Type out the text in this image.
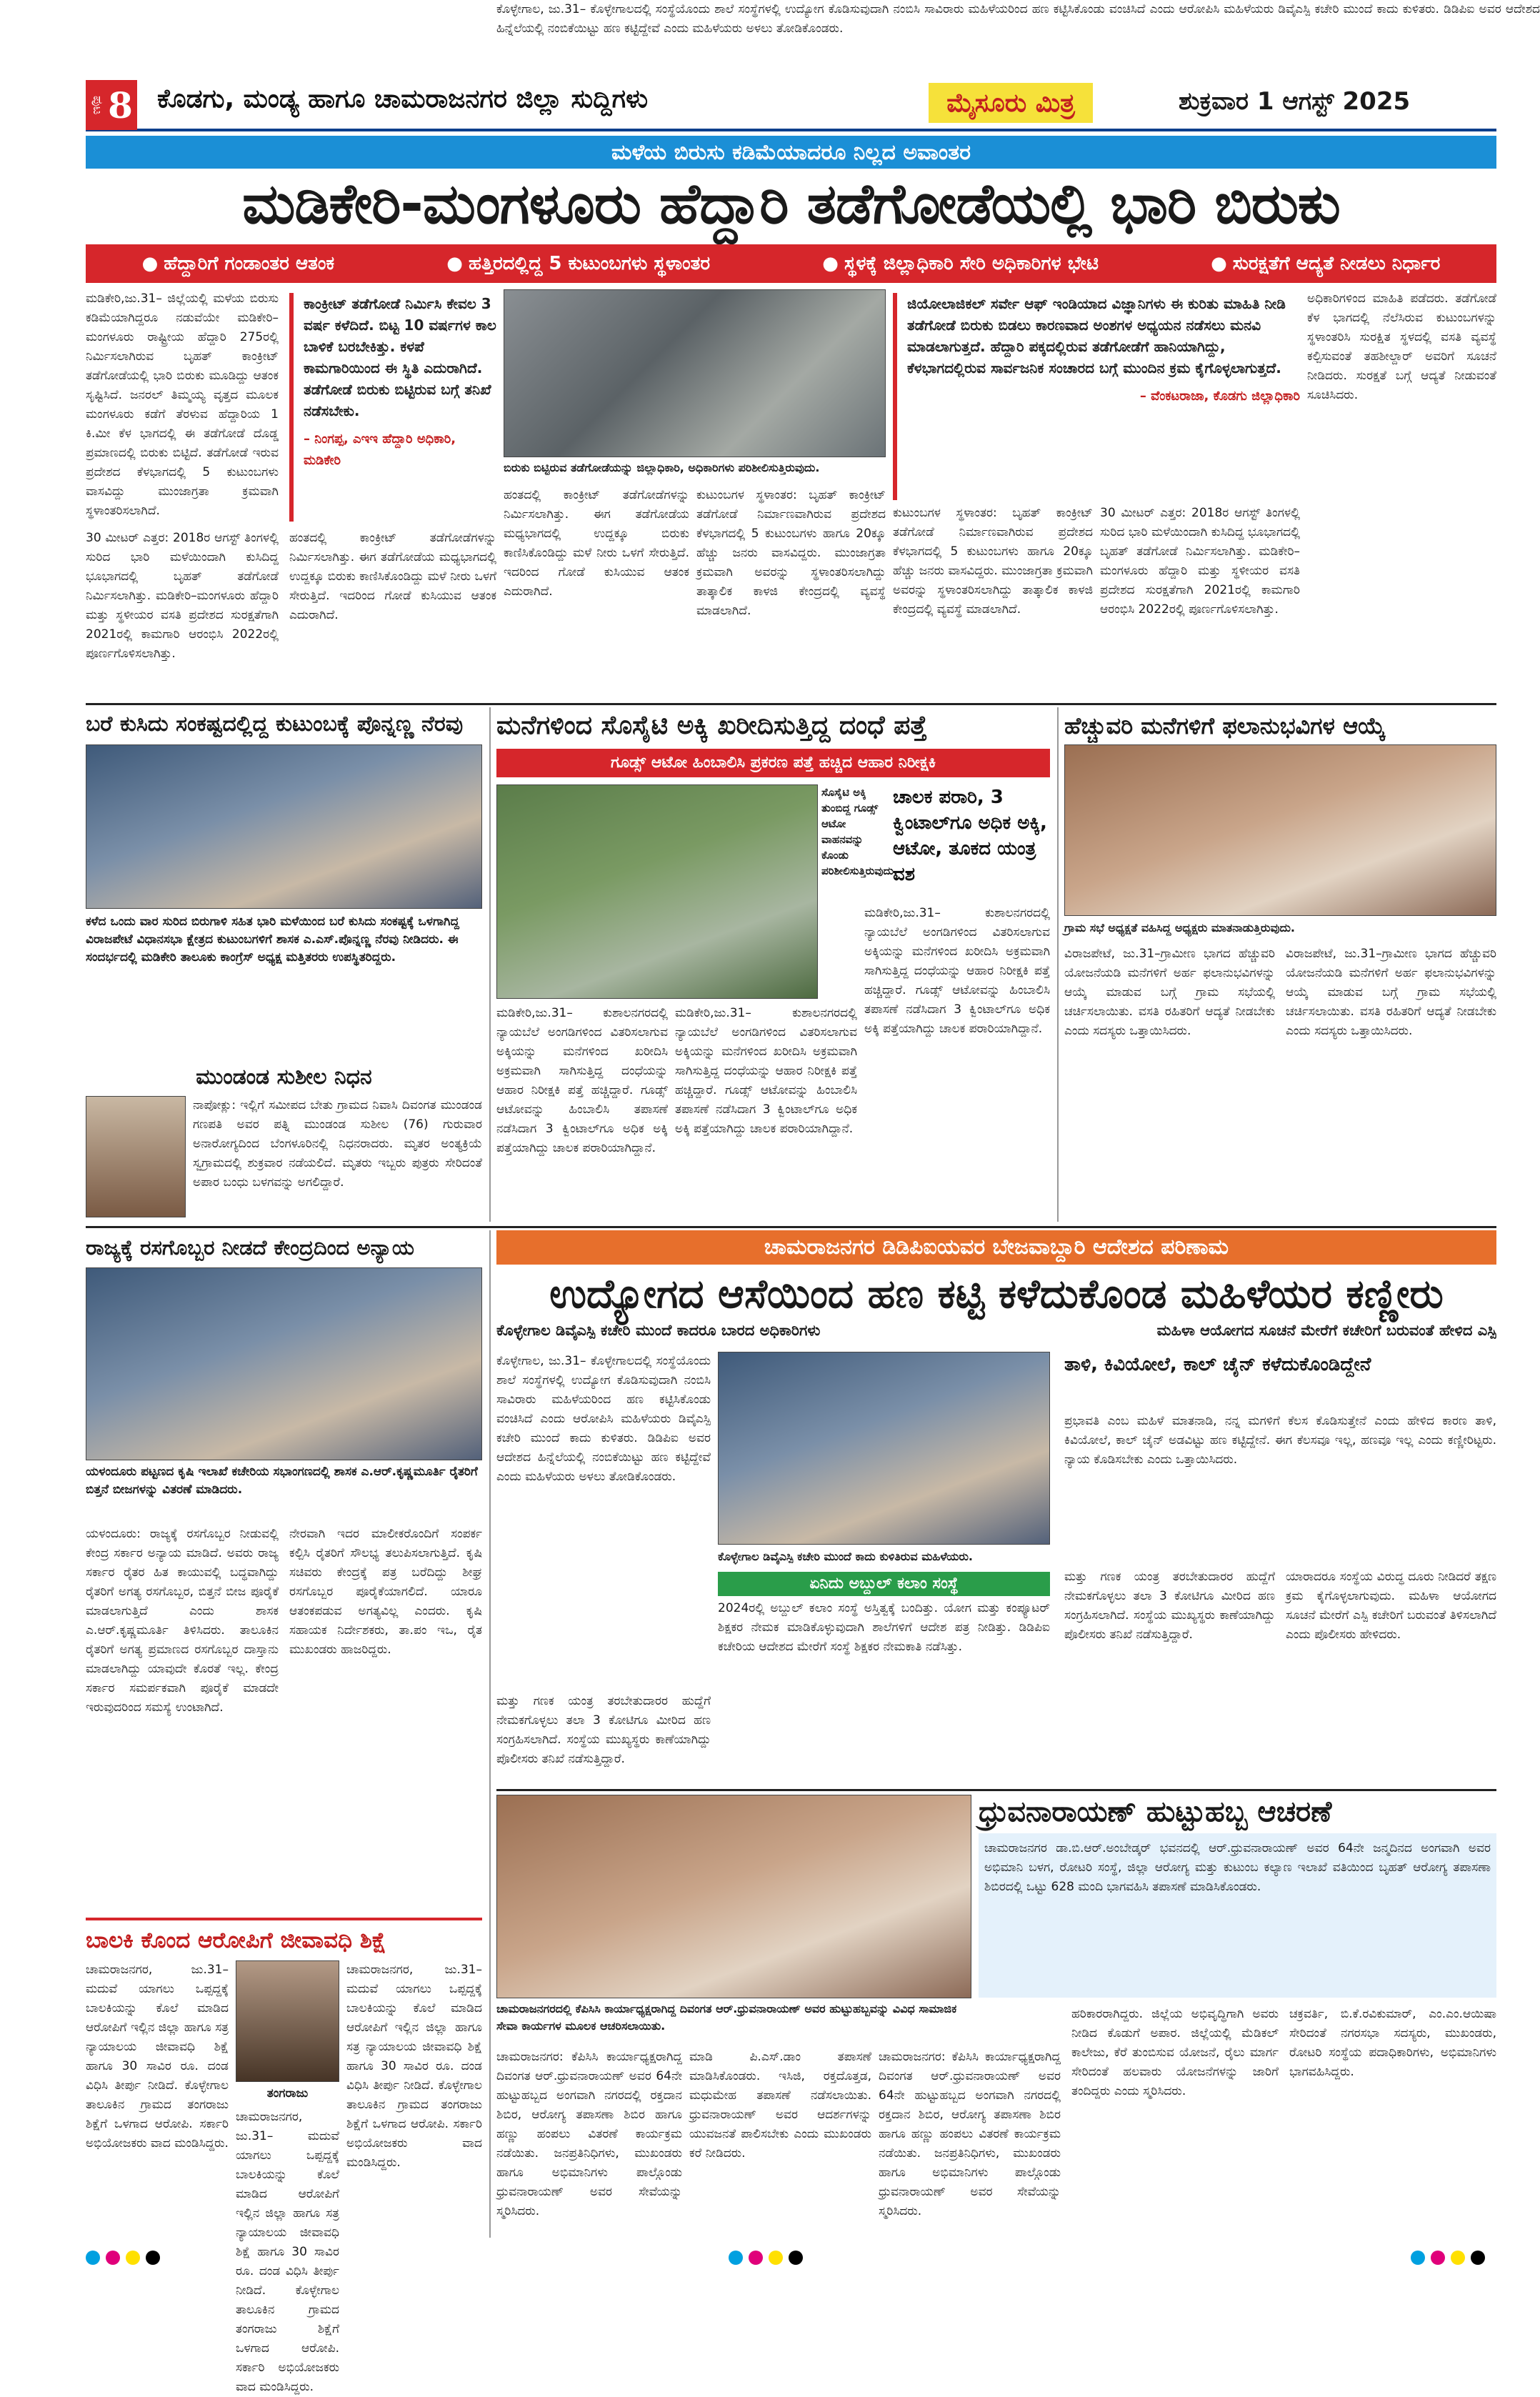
ಪುಟ 8 ಕೊಡಗು, ಮಂಡ್ಯ ಹಾಗೂ ಚಾಮರಾಜನಗರ ಜಿಲ್ಲಾ ಸುದ್ದಿಗಳು	ಮೈಸೂರು ಮಿತ್ರ	ಶುಕ್ರವಾರ 1 ಆಗಸ್ಟ್ 2025
ಮಳೆಯ ಬಿರುಸು ಕಡಿಮೆಯಾದರೂ ನಿಲ್ಲದ ಅವಾಂತರ
ಮಡಿಕೇರಿ-ಮಂಗಳೂರು ಹೆದ್ದಾರಿ ತಡೆಗೋಡೆಯಲ್ಲಿ ಭಾರಿ ಬಿರುಕು
● ಹೆದ್ದಾರಿಗೆ ಗಂಡಾಂತರ ಆತಂಕ	● ಹತ್ತಿರದಲ್ಲಿದ್ದ 5 ಕುಟುಂಬಗಳು ಸ್ಥಳಾಂತರ	● ಸ್ಥಳಕ್ಕೆ ಜಿಲ್ಲಾಧಿಕಾರಿ ಸೇರಿ ಅಧಿಕಾರಿಗಳ ಭೇಟಿ	● ಸುರಕ್ಷತೆಗೆ ಆದ್ಯತೆ ನೀಡಲು ನಿರ್ಧಾರ
ಮಡಿಕೇರಿ,ಜು.31– ಜಿಲ್ಲೆಯಲ್ಲಿ ಮಳೆಯ ಬಿರುಸು ಕಡಿಮೆಯಾಗಿದ್ದರೂ ನಡುವೆಯೇ ಮಡಿಕೇರಿ–ಮಂಗಳೂರು ರಾಷ್ಟ್ರೀಯ ಹೆದ್ದಾರಿ 275ರಲ್ಲಿ ನಿರ್ಮಿಸಲಾಗಿರುವ ಬೃಹತ್ ಕಾಂಕ್ರೀಟ್ ತಡೆಗೋಡೆಯಲ್ಲಿ ಭಾರಿ ಬಿರುಕು ಮೂಡಿದ್ದು ಆತಂಕ ಸೃಷ್ಟಿಸಿದೆ. ಜನರಲ್ ತಿಮ್ಮಯ್ಯ ವೃತ್ತದ ಮೂಲಕ ಮಂಗಳೂರು ಕಡೆಗೆ ತೆರಳುವ ಹೆದ್ದಾರಿಯ 1 ಕಿ.ಮೀ ಕೆಳ ಭಾಗದಲ್ಲಿ ಈ ತಡೆಗೋಡೆ ದೊಡ್ಡ ಪ್ರಮಾಣದಲ್ಲಿ ಬಿರುಕು ಬಿಟ್ಟಿದೆ. ತಡೆಗೋಡೆ ಇರುವ ಪ್ರದೇಶದ ಕೆಳಭಾಗದಲ್ಲಿ 5 ಕುಟುಂಬಗಳು ವಾಸವಿದ್ದು ಮುಂಜಾಗ್ರತಾ ಕ್ರಮವಾಗಿ ಸ್ಥಳಾಂತರಿಸಲಾಗಿದೆ.
30 ಮೀಟರ್ ಎತ್ತರ: 2018ರ ಆಗಸ್ಟ್ ತಿಂಗಳಲ್ಲಿ ಸುರಿದ ಭಾರಿ ಮಳೆಯಿಂದಾಗಿ ಕುಸಿದಿದ್ದ ಭೂಭಾಗದಲ್ಲಿ ಬೃಹತ್ ತಡೆಗೋಡೆ ನಿರ್ಮಿಸಲಾಗಿತ್ತು. ಮಡಿಕೇರಿ–ಮಂಗಳೂರು ಹೆದ್ದಾರಿ ಮತ್ತು ಸ್ಥಳೀಯರ ವಸತಿ ಪ್ರದೇಶದ ಸುರಕ್ಷತೆಗಾಗಿ 2021ರಲ್ಲಿ ಕಾಮಗಾರಿ ಆರಂಭಿಸಿ 2022ರಲ್ಲಿ ಪೂರ್ಣಗೊಳಿಸಲಾಗಿತ್ತು.
ಕಾಂಕ್ರೀಟ್ ತಡೆಗೋಡೆ ನಿರ್ಮಿಸಿ ಕೇವಲ 3 ವರ್ಷ ಕಳೆದಿದೆ. ಬಿಟ್ಟ 10 ವರ್ಷಗಳ ಕಾಲ ಬಾಳಿಕೆ ಬರಬೇಕಿತ್ತು. ಕಳಪೆ ಕಾಮಗಾರಿಯಿಂದ ಈ ಸ್ಥಿತಿ ಎದುರಾಗಿದೆ. ತಡೆಗೋಡೆ ಬಿರುಕು ಬಿಟ್ಟಿರುವ ಬಗ್ಗೆ ತನಿಖೆ ನಡೆಸಬೇಕು.
– ನಿಂಗಪ್ಪ, ಎಇಇ ಹೆದ್ದಾರಿ ಅಧಿಕಾರಿ, ಮಡಿಕೇರಿ
ಹಂತದಲ್ಲಿ ಕಾಂಕ್ರೀಟ್ ತಡೆಗೋಡೆಗಳನ್ನು ನಿರ್ಮಿಸಲಾಗಿತ್ತು. ಈಗ ತಡೆಗೋಡೆಯ ಮಧ್ಯಭಾಗದಲ್ಲಿ ಉದ್ದಕ್ಕೂ ಬಿರುಕು ಕಾಣಿಸಿಕೊಂಡಿದ್ದು ಮಳೆ ನೀರು ಒಳಗೆ ಸೇರುತ್ತಿದೆ. ಇದರಿಂದ ಗೋಡೆ ಕುಸಿಯುವ ಆತಂಕ ಎದುರಾಗಿದೆ.
ಬಿರುಕು ಬಿಟ್ಟಿರುವ ತಡೆಗೋಡೆಯನ್ನು ಜಿಲ್ಲಾಧಿಕಾರಿ, ಅಧಿಕಾರಿಗಳು ಪರಿಶೀಲಿಸುತ್ತಿರುವುದು.
ಹಂತದಲ್ಲಿ ಕಾಂಕ್ರೀಟ್ ತಡೆಗೋಡೆಗಳನ್ನು ನಿರ್ಮಿಸಲಾಗಿತ್ತು. ಈಗ ತಡೆಗೋಡೆಯ ಮಧ್ಯಭಾಗದಲ್ಲಿ ಉದ್ದಕ್ಕೂ ಬಿರುಕು ಕಾಣಿಸಿಕೊಂಡಿದ್ದು ಮಳೆ ನೀರು ಒಳಗೆ ಸೇರುತ್ತಿದೆ. ಇದರಿಂದ ಗೋಡೆ ಕುಸಿಯುವ ಆತಂಕ ಎದುರಾಗಿದೆ.
ಕುಟುಂಬಗಳ ಸ್ಥಳಾಂತರ: ಬೃಹತ್ ಕಾಂಕ್ರೀಟ್ ತಡೆಗೋಡೆ ನಿರ್ಮಾಣವಾಗಿರುವ ಪ್ರದೇಶದ ಕೆಳಭಾಗದಲ್ಲಿ 5 ಕುಟುಂಬಗಳು ಹಾಗೂ 20ಕ್ಕೂ ಹೆಚ್ಚು ಜನರು ವಾಸವಿದ್ದರು. ಮುಂಜಾಗ್ರತಾ ಕ್ರಮವಾಗಿ ಅವರನ್ನು ಸ್ಥಳಾಂತರಿಸಲಾಗಿದ್ದು ತಾತ್ಕಾಲಿಕ ಕಾಳಜಿ ಕೇಂದ್ರದಲ್ಲಿ ವ್ಯವಸ್ಥೆ ಮಾಡಲಾಗಿದೆ.
ಜಿಯೋಲಾಜಿಕಲ್ ಸರ್ವೇ ಆಫ್ ಇಂಡಿಯಾದ ವಿಜ್ಞಾನಿಗಳು ಈ ಕುರಿತು ಮಾಹಿತಿ ನೀಡಿ ತಡೆಗೋಡೆ ಬಿರುಕು ಬಿಡಲು ಕಾರಣವಾದ ಅಂಶಗಳ ಅಧ್ಯಯನ ನಡೆಸಲು ಮನವಿ ಮಾಡಲಾಗುತ್ತದೆ. ಹೆದ್ದಾರಿ ಪಕ್ಕದಲ್ಲಿರುವ ತಡೆಗೋಡೆಗೆ ಹಾನಿಯಾಗಿದ್ದು, ಕೆಳಭಾಗದಲ್ಲಿರುವ ಸಾರ್ವಜನಿಕ ಸಂಚಾರದ ಬಗ್ಗೆ ಮುಂದಿನ ಕ್ರಮ ಕೈಗೊಳ್ಳಲಾಗುತ್ತದೆ.
– ವೆಂಕಟರಾಜಾ, ಕೊಡಗು ಜಿಲ್ಲಾಧಿಕಾರಿ
ಕುಟುಂಬಗಳ ಸ್ಥಳಾಂತರ: ಬೃಹತ್ ಕಾಂಕ್ರೀಟ್ ತಡೆಗೋಡೆ ನಿರ್ಮಾಣವಾಗಿರುವ ಪ್ರದೇಶದ ಕೆಳಭಾಗದಲ್ಲಿ 5 ಕುಟುಂಬಗಳು ಹಾಗೂ 20ಕ್ಕೂ ಹೆಚ್ಚು ಜನರು ವಾಸವಿದ್ದರು. ಮುಂಜಾಗ್ರತಾ ಕ್ರಮವಾಗಿ ಅವರನ್ನು ಸ್ಥಳಾಂತರಿಸಲಾಗಿದ್ದು ತಾತ್ಕಾಲಿಕ ಕಾಳಜಿ ಕೇಂದ್ರದಲ್ಲಿ ವ್ಯವಸ್ಥೆ ಮಾಡಲಾಗಿದೆ.
30 ಮೀಟರ್ ಎತ್ತರ: 2018ರ ಆಗಸ್ಟ್ ತಿಂಗಳಲ್ಲಿ ಸುರಿದ ಭಾರಿ ಮಳೆಯಿಂದಾಗಿ ಕುಸಿದಿದ್ದ ಭೂಭಾಗದಲ್ಲಿ ಬೃಹತ್ ತಡೆಗೋಡೆ ನಿರ್ಮಿಸಲಾಗಿತ್ತು. ಮಡಿಕೇರಿ–ಮಂಗಳೂರು ಹೆದ್ದಾರಿ ಮತ್ತು ಸ್ಥಳೀಯರ ವಸತಿ ಪ್ರದೇಶದ ಸುರಕ್ಷತೆಗಾಗಿ 2021ರಲ್ಲಿ ಕಾಮಗಾರಿ ಆರಂಭಿಸಿ 2022ರಲ್ಲಿ ಪೂರ್ಣಗೊಳಿಸಲಾಗಿತ್ತು.
ಅಧಿಕಾರಿಗಳಿಂದ ಮಾಹಿತಿ ಪಡೆದರು. ತಡೆಗೋಡೆ ಕೆಳ ಭಾಗದಲ್ಲಿ ನೆಲೆಸಿರುವ ಕುಟುಂಬಗಳನ್ನು ಸ್ಥಳಾಂತರಿಸಿ ಸುರಕ್ಷಿತ ಸ್ಥಳದಲ್ಲಿ ವಸತಿ ವ್ಯವಸ್ಥೆ ಕಲ್ಪಿಸುವಂತೆ ತಹಶೀಲ್ದಾರ್ ಅವರಿಗೆ ಸೂಚನೆ ನೀಡಿದರು. ಸುರಕ್ಷತೆ ಬಗ್ಗೆ ಆದ್ಯತೆ ನೀಡುವಂತೆ ಸೂಚಿಸಿದರು.
ಬರೆ ಕುಸಿದು ಸಂಕಷ್ಟದಲ್ಲಿದ್ದ ಕುಟುಂಬಕ್ಕೆ ಪೊನ್ನಣ್ಣ ನೆರವು
ಕಳೆದ ಒಂದು ವಾರ ಸುರಿದ ಬಿರುಗಾಳಿ ಸಹಿತ ಭಾರಿ ಮಳೆಯಿಂದ ಬರೆ ಕುಸಿದು ಸಂಕಷ್ಟಕ್ಕೆ ಒಳಗಾಗಿದ್ದ ವಿರಾಜಪೇಟೆ ವಿಧಾನಸಭಾ ಕ್ಷೇತ್ರದ ಕುಟುಂಬಗಳಿಗೆ ಶಾಸಕ ಎ.ಎಸ್.ಪೊನ್ನಣ್ಣ ನೆರವು ನೀಡಿದರು. ಈ ಸಂದರ್ಭದಲ್ಲಿ ಮಡಿಕೇರಿ ತಾಲೂಕು ಕಾಂಗ್ರೆಸ್ ಅಧ್ಯಕ್ಷ ಮತ್ತಿತರರು ಉಪಸ್ಥಿತರಿದ್ದರು.
ಮುಂಡಂಡ ಸುಶೀಲ ನಿಧನ
ನಾಪೋಕ್ಲು: ಇಲ್ಲಿಗೆ ಸಮೀಪದ ಬೇತು ಗ್ರಾಮದ ನಿವಾಸಿ ದಿವಂಗತ ಮುಂಡಂಡ ಗಣಪತಿ ಅವರ ಪತ್ನಿ ಮುಂಡಂಡ ಸುಶೀಲ (76) ಗುರುವಾರ ಅನಾರೋಗ್ಯದಿಂದ ಬೆಂಗಳೂರಿನಲ್ಲಿ ನಿಧನರಾದರು. ಮೃತರ ಅಂತ್ಯಕ್ರಿಯೆ ಸ್ವಗ್ರಾಮದಲ್ಲಿ ಶುಕ್ರವಾರ ನಡೆಯಲಿದೆ. ಮೃತರು ಇಬ್ಬರು ಪುತ್ರರು ಸೇರಿದಂತೆ ಅಪಾರ ಬಂಧು ಬಳಗವನ್ನು ಅಗಲಿದ್ದಾರೆ.
ಮನೆಗಳಿಂದ ಸೊಸೈಟಿ ಅಕ್ಕಿ ಖರೀದಿಸುತ್ತಿದ್ದ ದಂಧೆ ಪತ್ತೆ
ಗೂಡ್ಸ್ ಆಟೋ ಹಿಂಬಾಲಿಸಿ ಪ್ರಕರಣ ಪತ್ತೆ ಹಚ್ಚಿದ ಆಹಾರ ನಿರೀಕ್ಷಕಿ
ಸೊಸೈಟಿ ಅಕ್ಕಿ ತುಂಬಿದ್ದ ಗೂಡ್ಸ್ ಆಟೋ ವಾಹನವನ್ನು ಕೊಂಡು ಪರಿಶೀಲಿಸುತ್ತಿರುವುದು.
ಚಾಲಕ ಪರಾರಿ, 3 ಕ್ವಿಂಟಾಲ್‌ಗೂ ಅಧಿಕ ಅಕ್ಕಿ, ಆಟೋ, ತೂಕದ ಯಂತ್ರ ವಶ
ಮಡಿಕೇರಿ,ಜು.31– ಕುಶಾಲನಗರದಲ್ಲಿ ನ್ಯಾಯಬೆಲೆ ಅಂಗಡಿಗಳಿಂದ ವಿತರಿಸಲಾಗುವ ಅಕ್ಕಿಯನ್ನು ಮನೆಗಳಿಂದ ಖರೀದಿಸಿ ಅಕ್ರಮವಾಗಿ ಸಾಗಿಸುತ್ತಿದ್ದ ದಂಧೆಯನ್ನು ಆಹಾರ ನಿರೀಕ್ಷಕಿ ಪತ್ತೆ ಹಚ್ಚಿದ್ದಾರೆ. ಗೂಡ್ಸ್ ಆಟೋವನ್ನು ಹಿಂಬಾಲಿಸಿ ತಪಾಸಣೆ ನಡೆಸಿದಾಗ 3 ಕ್ವಿಂಟಾಲ್‌ಗೂ ಅಧಿಕ ಅಕ್ಕಿ ಪತ್ತೆಯಾಗಿದ್ದು ಚಾಲಕ ಪರಾರಿಯಾಗಿದ್ದಾನೆ.
ಮಡಿಕೇರಿ,ಜು.31– ಕುಶಾಲನಗರದಲ್ಲಿ ನ್ಯಾಯಬೆಲೆ ಅಂಗಡಿಗಳಿಂದ ವಿತರಿಸಲಾಗುವ ಅಕ್ಕಿಯನ್ನು ಮನೆಗಳಿಂದ ಖರೀದಿಸಿ ಅಕ್ರಮವಾಗಿ ಸಾಗಿಸುತ್ತಿದ್ದ ದಂಧೆಯನ್ನು ಆಹಾರ ನಿರೀಕ್ಷಕಿ ಪತ್ತೆ ಹಚ್ಚಿದ್ದಾರೆ. ಗೂಡ್ಸ್ ಆಟೋವನ್ನು ಹಿಂಬಾಲಿಸಿ ತಪಾಸಣೆ ನಡೆಸಿದಾಗ 3 ಕ್ವಿಂಟಾಲ್‌ಗೂ ಅಧಿಕ ಅಕ್ಕಿ ಪತ್ತೆಯಾಗಿದ್ದು ಚಾಲಕ ಪರಾರಿಯಾಗಿದ್ದಾನೆ.
ಮಡಿಕೇರಿ,ಜು.31– ಕುಶಾಲನಗರದಲ್ಲಿ ನ್ಯಾಯಬೆಲೆ ಅಂಗಡಿಗಳಿಂದ ವಿತರಿಸಲಾಗುವ ಅಕ್ಕಿಯನ್ನು ಮನೆಗಳಿಂದ ಖರೀದಿಸಿ ಅಕ್ರಮವಾಗಿ ಸಾಗಿಸುತ್ತಿದ್ದ ದಂಧೆಯನ್ನು ಆಹಾರ ನಿರೀಕ್ಷಕಿ ಪತ್ತೆ ಹಚ್ಚಿದ್ದಾರೆ. ಗೂಡ್ಸ್ ಆಟೋವನ್ನು ಹಿಂಬಾಲಿಸಿ ತಪಾಸಣೆ ನಡೆಸಿದಾಗ 3 ಕ್ವಿಂಟಾಲ್‌ಗೂ ಅಧಿಕ ಅಕ್ಕಿ ಪತ್ತೆಯಾಗಿದ್ದು ಚಾಲಕ ಪರಾರಿಯಾಗಿದ್ದಾನೆ.
ಹೆಚ್ಚುವರಿ ಮನೆಗಳಿಗೆ ಫಲಾನುಭವಿಗಳ ಆಯ್ಕೆ
ಗ್ರಾಮ ಸಭೆ ಅಧ್ಯಕ್ಷತೆ ವಹಿಸಿದ್ದ ಅಧ್ಯಕ್ಷರು ಮಾತನಾಡುತ್ತಿರುವುದು.
ವಿರಾಜಪೇಟೆ, ಜು.31–ಗ್ರಾಮೀಣ ಭಾಗದ ಹೆಚ್ಚುವರಿ ಯೋಜನೆಯಡಿ ಮನೆಗಳಿಗೆ ಅರ್ಹ ಫಲಾನುಭವಿಗಳನ್ನು ಆಯ್ಕೆ ಮಾಡುವ ಬಗ್ಗೆ ಗ್ರಾಮ ಸಭೆಯಲ್ಲಿ ಚರ್ಚಿಸಲಾಯಿತು. ವಸತಿ ರಹಿತರಿಗೆ ಆದ್ಯತೆ ನೀಡಬೇಕು ಎಂದು ಸದಸ್ಯರು ಒತ್ತಾಯಿಸಿದರು.
ವಿರಾಜಪೇಟೆ, ಜು.31–ಗ್ರಾಮೀಣ ಭಾಗದ ಹೆಚ್ಚುವರಿ ಯೋಜನೆಯಡಿ ಮನೆಗಳಿಗೆ ಅರ್ಹ ಫಲಾನುಭವಿಗಳನ್ನು ಆಯ್ಕೆ ಮಾಡುವ ಬಗ್ಗೆ ಗ್ರಾಮ ಸಭೆಯಲ್ಲಿ ಚರ್ಚಿಸಲಾಯಿತು. ವಸತಿ ರಹಿತರಿಗೆ ಆದ್ಯತೆ ನೀಡಬೇಕು ಎಂದು ಸದಸ್ಯರು ಒತ್ತಾಯಿಸಿದರು.
ರಾಜ್ಯಕ್ಕೆ ರಸಗೊಬ್ಬರ ನೀಡದೆ ಕೇಂದ್ರದಿಂದ ಅನ್ಯಾಯ
ಯಳಂದೂರು ಪಟ್ಟಣದ ಕೃಷಿ ಇಲಾಖೆ ಕಚೇರಿಯ ಸಭಾಂಗಣದಲ್ಲಿ ಶಾಸಕ ಎ.ಆರ್.ಕೃಷ್ಣಮೂರ್ತಿ ರೈತರಿಗೆ ಬಿತ್ತನೆ ಬೀಜಗಳನ್ನು ವಿತರಣೆ ಮಾಡಿದರು.
ಯಳಂದೂರು: ರಾಜ್ಯಕ್ಕೆ ರಸಗೊಬ್ಬರ ನೀಡುವಲ್ಲಿ ಕೇಂದ್ರ ಸರ್ಕಾರ ಅನ್ಯಾಯ ಮಾಡಿದೆ. ಅವರು ರಾಜ್ಯ ಸರ್ಕಾರ ರೈತರ ಹಿತ ಕಾಯುವಲ್ಲಿ ಬದ್ಧವಾಗಿದ್ದು ರೈತರಿಗೆ ಅಗತ್ಯ ರಸಗೊಬ್ಬರ, ಬಿತ್ತನೆ ಬೀಜ ಪೂರೈಕೆ ಮಾಡಲಾಗುತ್ತಿದೆ ಎಂದು ಶಾಸಕ ಎ.ಆರ್.ಕೃಷ್ಣಮೂರ್ತಿ ತಿಳಿಸಿದರು. ತಾಲೂಕಿನ ರೈತರಿಗೆ ಅಗತ್ಯ ಪ್ರಮಾಣದ ರಸಗೊಬ್ಬರ ದಾಸ್ತಾನು ಮಾಡಲಾಗಿದ್ದು ಯಾವುದೇ ಕೊರತೆ ಇಲ್ಲ. ಕೇಂದ್ರ ಸರ್ಕಾರ ಸಮರ್ಪಕವಾಗಿ ಪೂರೈಕೆ ಮಾಡದೇ ಇರುವುದರಿಂದ ಸಮಸ್ಯೆ ಉಂಟಾಗಿದೆ.
ನೇರವಾಗಿ ಇದರ ಮಾಲೀಕರೊಂದಿಗೆ ಸಂಪರ್ಕ ಕಲ್ಪಿಸಿ ರೈತರಿಗೆ ಸೌಲಭ್ಯ ತಲುಪಿಸಲಾಗುತ್ತಿದೆ. ಕೃಷಿ ಸಚಿವರು ಕೇಂದ್ರಕ್ಕೆ ಪತ್ರ ಬರೆದಿದ್ದು ಶೀಘ್ರ ರಸಗೊಬ್ಬರ ಪೂರೈಕೆಯಾಗಲಿದೆ. ಯಾರೂ ಆತಂಕಪಡುವ ಅಗತ್ಯವಿಲ್ಲ ಎಂದರು. ಕೃಷಿ ಸಹಾಯಕ ನಿರ್ದೇಶಕರು, ತಾ.ಪಂ ಇಒ, ರೈತ ಮುಖಂಡರು ಹಾಜರಿದ್ದರು.
ಬಾಲಕಿ ಕೊಂದ ಆರೋಪಿಗೆ ಜೀವಾವಧಿ ಶಿಕ್ಷೆ
ಚಾಮರಾಜನಗರ, ಜು.31– ಮದುವೆ ಯಾಗಲು ಒಪ್ಪದ್ದಕ್ಕೆ ಬಾಲಕಿಯನ್ನು ಕೊಲೆ ಮಾಡಿದ ಆರೋಪಿಗೆ ಇಲ್ಲಿನ ಜಿಲ್ಲಾ ಹಾಗೂ ಸತ್ರ ನ್ಯಾಯಾಲಯ ಜೀವಾವಧಿ ಶಿಕ್ಷೆ ಹಾಗೂ 30 ಸಾವಿರ ರೂ. ದಂಡ ವಿಧಿಸಿ ತೀರ್ಪು ನೀಡಿದೆ. ಕೊಳ್ಳೇಗಾಲ ತಾಲೂಕಿನ ಗ್ರಾಮದ ತಂಗರಾಜು ಶಿಕ್ಷೆಗೆ ಒಳಗಾದ ಆರೋಪಿ. ಸರ್ಕಾರಿ ಅಭಿಯೋಜಕರು ವಾದ ಮಂಡಿಸಿದ್ದರು.
ತಂಗರಾಜು
ಚಾಮರಾಜನಗರ, ಜು.31– ಮದುವೆ ಯಾಗಲು ಒಪ್ಪದ್ದಕ್ಕೆ ಬಾಲಕಿಯನ್ನು ಕೊಲೆ ಮಾಡಿದ ಆರೋಪಿಗೆ ಇಲ್ಲಿನ ಜಿಲ್ಲಾ ಹಾಗೂ ಸತ್ರ ನ್ಯಾಯಾಲಯ ಜೀವಾವಧಿ ಶಿಕ್ಷೆ ಹಾಗೂ 30 ಸಾವಿರ ರೂ. ದಂಡ ವಿಧಿಸಿ ತೀರ್ಪು ನೀಡಿದೆ. ಕೊಳ್ಳೇಗಾಲ ತಾಲೂಕಿನ ಗ್ರಾಮದ ತಂಗರಾಜು ಶಿಕ್ಷೆಗೆ ಒಳಗಾದ ಆರೋಪಿ. ಸರ್ಕಾರಿ ಅಭಿಯೋಜಕರು ವಾದ ಮಂಡಿಸಿದ್ದರು.
ಚಾಮರಾಜನಗರ, ಜು.31– ಮದುವೆ ಯಾಗಲು ಒಪ್ಪದ್ದಕ್ಕೆ ಬಾಲಕಿಯನ್ನು ಕೊಲೆ ಮಾಡಿದ ಆರೋಪಿಗೆ ಇಲ್ಲಿನ ಜಿಲ್ಲಾ ಹಾಗೂ ಸತ್ರ ನ್ಯಾಯಾಲಯ ಜೀವಾವಧಿ ಶಿಕ್ಷೆ ಹಾಗೂ 30 ಸಾವಿರ ರೂ. ದಂಡ ವಿಧಿಸಿ ತೀರ್ಪು ನೀಡಿದೆ. ಕೊಳ್ಳೇಗಾಲ ತಾಲೂಕಿನ ಗ್ರಾಮದ ತಂಗರಾಜು ಶಿಕ್ಷೆಗೆ ಒಳಗಾದ ಆರೋಪಿ. ಸರ್ಕಾರಿ ಅಭಿಯೋಜಕರು ವಾದ ಮಂಡಿಸಿದ್ದರು.
ಚಾಮರಾಜನಗರ ಡಿಡಿಪಿಐಯವರ ಬೇಜವಾಬ್ದಾರಿ ಆದೇಶದ ಪರಿಣಾಮ
ಉದ್ಯೋಗದ ಆಸೆಯಿಂದ ಹಣ ಕಟ್ಟಿ ಕಳೆದುಕೊಂಡ ಮಹಿಳೆಯರ ಕಣ್ಣೀರು
ಕೊಳ್ಳೇಗಾಲ ಡಿವೈಎಸ್ಪಿ ಕಚೇರಿ ಮುಂದೆ ಕಾದರೂ ಬಾರದ ಅಧಿಕಾರಿಗಳು	ಮಹಿಳಾ ಆಯೋಗದ ಸೂಚನೆ ಮೇರೆಗೆ ಕಚೇರಿಗೆ ಬರುವಂತೆ ಹೇಳಿದ ಎಸ್ಪಿ
ಕೊಳ್ಳೇಗಾಲ, ಜು.31– ಕೊಳ್ಳೇಗಾಲದಲ್ಲಿ ಸಂಸ್ಥೆಯೊಂದು ಶಾಲೆ ಸಂಸ್ಥೆಗಳಲ್ಲಿ ಉದ್ಯೋಗ ಕೊಡಿಸುವುದಾಗಿ ನಂಬಿಸಿ ಸಾವಿರಾರು ಮಹಿಳೆಯರಿಂದ ಹಣ ಕಟ್ಟಿಸಿಕೊಂಡು ವಂಚಿಸಿದೆ ಎಂದು ಆರೋಪಿಸಿ ಮಹಿಳೆಯರು ಡಿವೈಎಸ್ಪಿ ಕಚೇರಿ ಮುಂದೆ ಕಾದು ಕುಳಿತರು. ಡಿಡಿಪಿಐ ಅವರ ಆದೇಶದ ಹಿನ್ನೆಲೆಯಲ್ಲಿ ನಂಬಿಕೆಯಿಟ್ಟು ಹಣ ಕಟ್ಟಿದ್ದೇವೆ ಎಂದು ಮಹಿಳೆಯರು ಅಳಲು ತೋಡಿಕೊಂಡರು.
ಕೊಳ್ಳೇಗಾಲ, ಜು.31– ಕೊಳ್ಳೇಗಾಲದಲ್ಲಿ ಸಂಸ್ಥೆಯೊಂದು ಶಾಲೆ ಸಂಸ್ಥೆಗಳಲ್ಲಿ ಉದ್ಯೋಗ ಕೊಡಿಸುವುದಾಗಿ ನಂಬಿಸಿ ಸಾವಿರಾರು ಮಹಿಳೆಯರಿಂದ ಹಣ ಕಟ್ಟಿಸಿಕೊಂಡು ವಂಚಿಸಿದೆ ಎಂದು ಆರೋಪಿಸಿ ಮಹಿಳೆಯರು ಡಿವೈಎಸ್ಪಿ ಕಚೇರಿ ಮುಂದೆ ಕಾದು ಕುಳಿತರು. ಡಿಡಿಪಿಐ ಅವರ ಆದೇಶದ ಹಿನ್ನೆಲೆಯಲ್ಲಿ ನಂಬಿಕೆಯಿಟ್ಟು ಹಣ ಕಟ್ಟಿದ್ದೇವೆ ಎಂದು ಮಹಿಳೆಯರು ಅಳಲು ತೋಡಿಕೊಂಡರು.
ಕೊಳ್ಳೇಗಾಲ ಡಿವೈಎಸ್ಪಿ ಕಚೇರಿ ಮುಂದೆ ಕಾದು ಕುಳಿತಿರುವ ಮಹಿಳೆಯರು.
ಏನಿದು ಅಬ್ದುಲ್ ಕಲಾಂ ಸಂಸ್ಥೆ
2024ರಲ್ಲಿ ಅಬ್ದುಲ್ ಕಲಾಂ ಸಂಸ್ಥೆ ಅಸ್ತಿತ್ವಕ್ಕೆ ಬಂದಿತ್ತು. ಯೋಗ ಮತ್ತು ಕಂಪ್ಯೂಟರ್ ಶಿಕ್ಷಕರ ನೇಮಕ ಮಾಡಿಕೊಳ್ಳುವುದಾಗಿ ಶಾಲೆಗಳಿಗೆ ಆದೇಶ ಪತ್ರ ನೀಡಿತ್ತು. ಡಿಡಿಪಿಐ ಕಚೇರಿಯ ಆದೇಶದ ಮೇರೆಗೆ ಸಂಸ್ಥೆ ಶಿಕ್ಷಕರ ನೇಮಕಾತಿ ನಡೆಸಿತ್ತು.
ಮತ್ತು ಗಣಕ ಯಂತ್ರ ತರಬೇತುದಾರರ ಹುದ್ದೆಗೆ ನೇಮಕಗೊಳ್ಳಲು ತಲಾ 3 ಕೋಟಿಗೂ ಮೀರಿದ ಹಣ ಸಂಗ್ರಹಿಸಲಾಗಿದೆ. ಸಂಸ್ಥೆಯ ಮುಖ್ಯಸ್ಥರು ಕಾಣೆಯಾಗಿದ್ದು ಪೊಲೀಸರು ತನಿಖೆ ನಡೆಸುತ್ತಿದ್ದಾರೆ.
ತಾಳಿ, ಕಿವಿಯೋಲೆ, ಕಾಲ್ ಚೈನ್ ಕಳೆದುಕೊಂಡಿದ್ದೇನೆ
ಪ್ರಭಾವತಿ ಎಂಬ ಮಹಿಳೆ ಮಾತನಾಡಿ, ನನ್ನ ಮಗಳಿಗೆ ಕೆಲಸ ಕೊಡಿಸುತ್ತೇನೆ ಎಂದು ಹೇಳಿದ ಕಾರಣ ತಾಳಿ, ಕಿವಿಯೋಲೆ, ಕಾಲ್ ಚೈನ್ ಅಡವಿಟ್ಟು ಹಣ ಕಟ್ಟಿದ್ದೇನೆ. ಈಗ ಕೆಲಸವೂ ಇಲ್ಲ, ಹಣವೂ ಇಲ್ಲ ಎಂದು ಕಣ್ಣೀರಿಟ್ಟರು. ನ್ಯಾಯ ಕೊಡಿಸಬೇಕು ಎಂದು ಒತ್ತಾಯಿಸಿದರು.
ಮತ್ತು ಗಣಕ ಯಂತ್ರ ತರಬೇತುದಾರರ ಹುದ್ದೆಗೆ ನೇಮಕಗೊಳ್ಳಲು ತಲಾ 3 ಕೋಟಿಗೂ ಮೀರಿದ ಹಣ ಸಂಗ್ರಹಿಸಲಾಗಿದೆ. ಸಂಸ್ಥೆಯ ಮುಖ್ಯಸ್ಥರು ಕಾಣೆಯಾಗಿದ್ದು ಪೊಲೀಸರು ತನಿಖೆ ನಡೆಸುತ್ತಿದ್ದಾರೆ.
ಯಾರಾದರೂ ಸಂಸ್ಥೆಯ ವಿರುದ್ಧ ದೂರು ನೀಡಿದರೆ ತಕ್ಷಣ ಕ್ರಮ ಕೈಗೊಳ್ಳಲಾಗುವುದು. ಮಹಿಳಾ ಆಯೋಗದ ಸೂಚನೆ ಮೇರೆಗೆ ಎಸ್ಪಿ ಕಚೇರಿಗೆ ಬರುವಂತೆ ತಿಳಿಸಲಾಗಿದೆ ಎಂದು ಪೊಲೀಸರು ಹೇಳಿದರು.
ಚಾಮರಾಜನಗರದಲ್ಲಿ ಕೆಪಿಸಿಸಿ ಕಾರ್ಯಾಧ್ಯಕ್ಷರಾಗಿದ್ದ ದಿವಂಗತ ಆರ್.ಧ್ರುವನಾರಾಯಣ್ ಅವರ ಹುಟ್ಟುಹಬ್ಬವನ್ನು ವಿವಿಧ ಸಾಮಾಜಿಕ ಸೇವಾ ಕಾರ್ಯಗಳ ಮೂಲಕ ಆಚರಿಸಲಾಯಿತು.
ಧ್ರುವನಾರಾಯಣ್ ಹುಟ್ಟುಹಬ್ಬ ಆಚರಣೆ
ಚಾಮರಾಜನಗರ ಡಾ.ಬಿ.ಆರ್.ಅಂಬೇಡ್ಕರ್ ಭವನದಲ್ಲಿ ಆರ್.ಧ್ರುವನಾರಾಯಣ್ ಅವರ 64ನೇ ಜನ್ಮದಿನದ ಅಂಗವಾಗಿ ಅವರ ಅಭಿಮಾನಿ ಬಳಗ, ರೋಟರಿ ಸಂಸ್ಥೆ, ಜಿಲ್ಲಾ ಆರೋಗ್ಯ ಮತ್ತು ಕುಟುಂಬ ಕಲ್ಯಾಣ ಇಲಾಖೆ ವತಿಯಿಂದ ಬೃಹತ್ ಆರೋಗ್ಯ ತಪಾಸಣಾ ಶಿಬಿರದಲ್ಲಿ ಒಟ್ಟು 628 ಮಂದಿ ಭಾಗವಹಿಸಿ ತಪಾಸಣೆ ಮಾಡಿಸಿಕೊಂಡರು.
ಚಾಮರಾಜನಗರ: ಕೆಪಿಸಿಸಿ ಕಾರ್ಯಾಧ್ಯಕ್ಷರಾಗಿದ್ದ ದಿವಂಗತ ಆರ್.ಧ್ರುವನಾರಾಯಣ್ ಅವರ 64ನೇ ಹುಟ್ಟುಹಬ್ಬದ ಅಂಗವಾಗಿ ನಗರದಲ್ಲಿ ರಕ್ತದಾನ ಶಿಬಿರ, ಆರೋಗ್ಯ ತಪಾಸಣಾ ಶಿಬಿರ ಹಾಗೂ ಹಣ್ಣು ಹಂಪಲು ವಿತರಣೆ ಕಾರ್ಯಕ್ರಮ ನಡೆಯಿತು. ಜನಪ್ರತಿನಿಧಿಗಳು, ಮುಖಂಡರು ಹಾಗೂ ಅಭಿಮಾನಿಗಳು ಪಾಲ್ಗೊಂಡು ಧ್ರುವನಾರಾಯಣ್ ಅವರ ಸೇವೆಯನ್ನು ಸ್ಮರಿಸಿದರು.
ಮಾಡಿ ಪಿ.ಎಸ್.ಡಾಂ ತಪಾಸಣೆ ಮಾಡಿಸಿಕೊಂಡರು. ಇಸಿಜಿ, ರಕ್ತದೊತ್ತಡ, ಮಧುಮೇಹ ತಪಾಸಣೆ ನಡೆಸಲಾಯಿತು. ಧ್ರುವನಾರಾಯಣ್ ಅವರ ಆದರ್ಶಗಳನ್ನು ಯುವಜನತೆ ಪಾಲಿಸಬೇಕು ಎಂದು ಮುಖಂಡರು ಕರೆ ನೀಡಿದರು.
ಚಾಮರಾಜನಗರ: ಕೆಪಿಸಿಸಿ ಕಾರ್ಯಾಧ್ಯಕ್ಷರಾಗಿದ್ದ ದಿವಂಗತ ಆರ್.ಧ್ರುವನಾರಾಯಣ್ ಅವರ 64ನೇ ಹುಟ್ಟುಹಬ್ಬದ ಅಂಗವಾಗಿ ನಗರದಲ್ಲಿ ರಕ್ತದಾನ ಶಿಬಿರ, ಆರೋಗ್ಯ ತಪಾಸಣಾ ಶಿಬಿರ ಹಾಗೂ ಹಣ್ಣು ಹಂಪಲು ವಿತರಣೆ ಕಾರ್ಯಕ್ರಮ ನಡೆಯಿತು. ಜನಪ್ರತಿನಿಧಿಗಳು, ಮುಖಂಡರು ಹಾಗೂ ಅಭಿಮಾನಿಗಳು ಪಾಲ್ಗೊಂಡು ಧ್ರುವನಾರಾಯಣ್ ಅವರ ಸೇವೆಯನ್ನು ಸ್ಮರಿಸಿದರು.
ಹರಿಕಾರರಾಗಿದ್ದರು. ಜಿಲ್ಲೆಯ ಅಭಿವೃದ್ಧಿಗಾಗಿ ಅವರು ನೀಡಿದ ಕೊಡುಗೆ ಅಪಾರ. ಜಿಲ್ಲೆಯಲ್ಲಿ ಮೆಡಿಕಲ್ ಕಾಲೇಜು, ಕೆರೆ ತುಂಬಿಸುವ ಯೋಜನೆ, ರೈಲು ಮಾರ್ಗ ಸೇರಿದಂತೆ ಹಲವಾರು ಯೋಜನೆಗಳನ್ನು ಜಾರಿಗೆ ತಂದಿದ್ದರು ಎಂದು ಸ್ಮರಿಸಿದರು.
ಚಕ್ರವರ್ತಿ, ಬಿ.ಕೆ.ರವಿಕುಮಾರ್, ಎಂ.ಎಂ.ಆಯಿಷಾ ಸೇರಿದಂತೆ ನಗರಸಭಾ ಸದಸ್ಯರು, ಮುಖಂಡರು, ರೋಟರಿ ಸಂಸ್ಥೆಯ ಪದಾಧಿಕಾರಿಗಳು, ಅಭಿಮಾನಿಗಳು ಭಾಗವಹಿಸಿದ್ದರು.
